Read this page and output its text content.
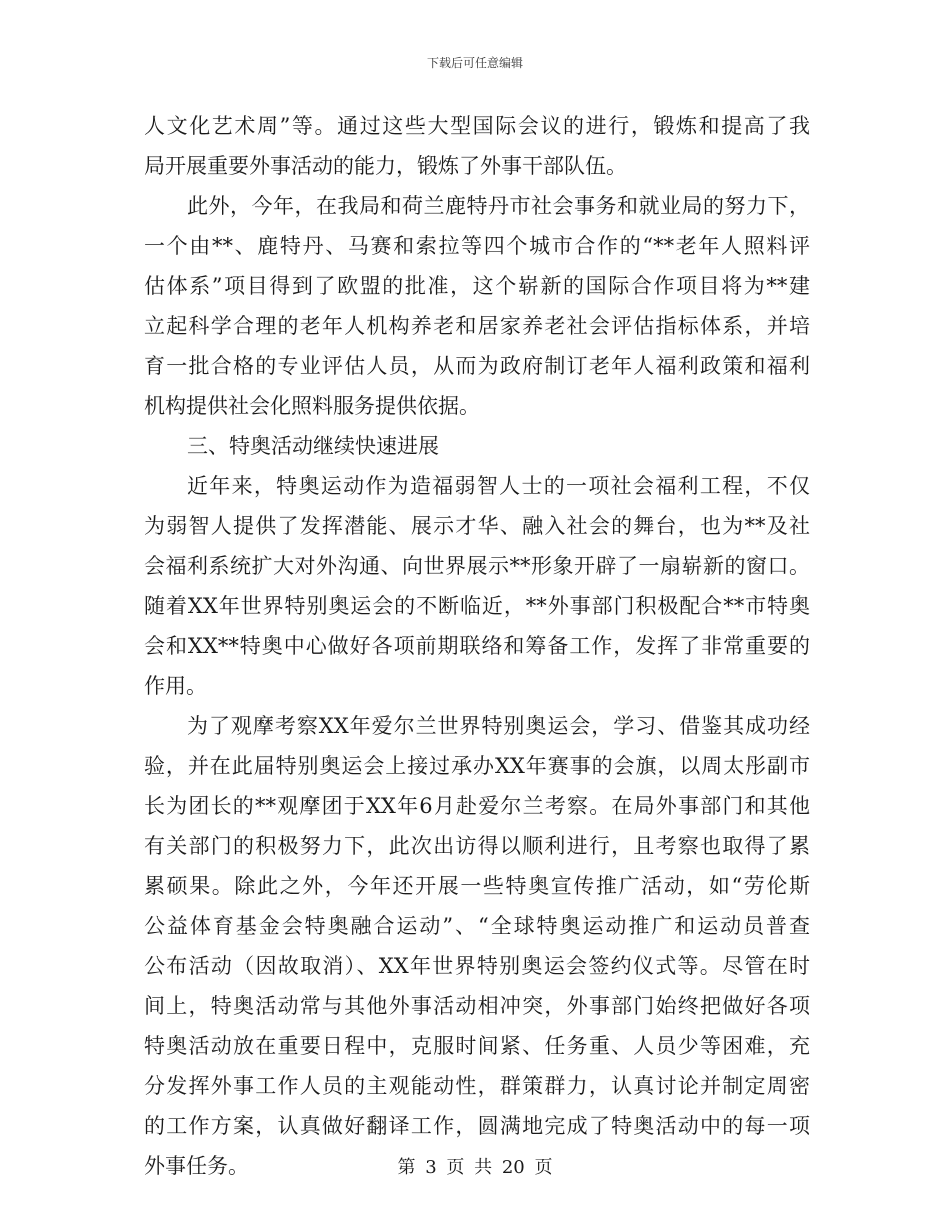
下载后可任意编辑
人文化艺术周”等。通过这些大型国际会议的进行，锻炼和提高了我
局开展重要外事活动的能力，锻炼了外事干部队伍。
此外，今年，在我局和荷兰鹿特丹市社会事务和就业局的努力下，
一个由**、鹿特丹、马赛和索拉等四个城市合作的“**老年人照料评
估体系”项目得到了欧盟的批准，这个崭新的国际合作项目将为**建
立起科学合理的老年人机构养老和居家养老社会评估指标体系，并培
育一批合格的专业评估人员，从而为政府制订老年人福利政策和福利
机构提供社会化照料服务提供依据。
三、特奥活动继续快速进展
近年来，特奥运动作为造福弱智人士的一项社会福利工程，不仅
为弱智人提供了发挥潜能、展示才华、融入社会的舞台，也为**及社
会福利系统扩大对外沟通、向世界展示**形象开辟了一扇崭新的窗口。
随着XX年世界特别奥运会的不断临近，**外事部门积极配合**市特奥
会和XX**特奥中心做好各项前期联络和筹备工作，发挥了非常重要的
作用。
为了观摩考察XX年爱尔兰世界特别奥运会，学习、借鉴其成功经
验，并在此届特别奥运会上接过承办XX年赛事的会旗，以周太彤副市
长为团长的**观摩团于XX年6月赴爱尔兰考察。在局外事部门和其他
有关部门的积极努力下，此次出访得以顺利进行，且考察也取得了累
累硕果。除此之外，今年还开展一些特奥宣传推广活动，如“劳伦斯
公益体育基金会特奥融合运动”、“全球特奥运动推广和运动员普查
公布活动（因故取消）、XX年世界特别奥运会签约仪式等。尽管在时
间上，特奥活动常与其他外事活动相冲突，外事部门始终把做好各项
特奥活动放在重要日程中，克服时间紧、任务重、人员少等困难，充
分发挥外事工作人员的主观能动性，群策群力，认真讨论并制定周密
的工作方案，认真做好翻译工作，圆满地完成了特奥活动中的每一项
外事任务。	第 3 页 共 20 页
